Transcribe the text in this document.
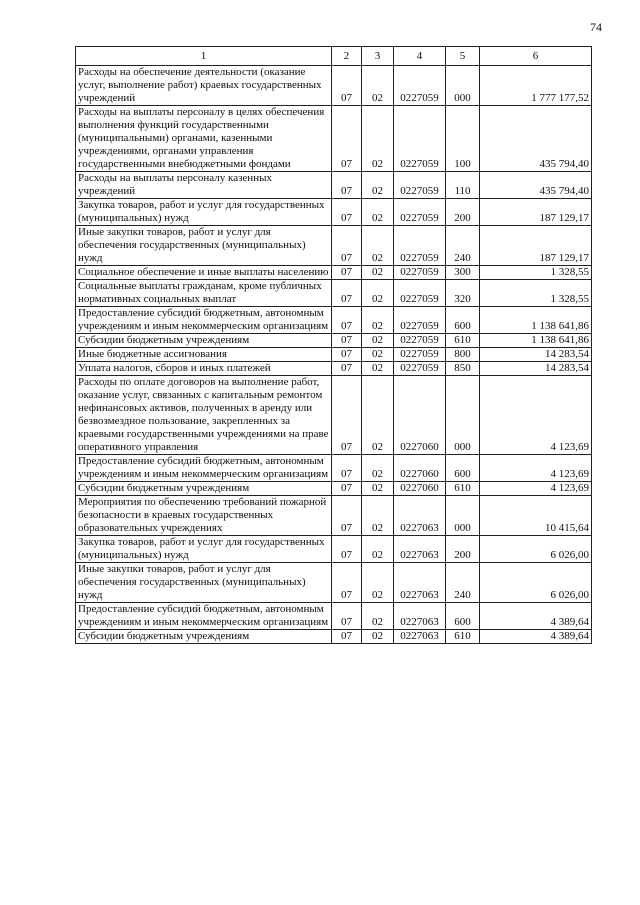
74
1	2	3	4	5	6
Расходы на обеспечение деятельности (оказание услуг, выполнение работ) краевых государственных учреждений	07	02	0227059	000	1 777 177,52
Расходы на выплаты персоналу в целях обеспечения выполнения функций государственными (муниципальными) органами, казенными учреждениями, органами управления государственными внебюджетными фондами	07	02	0227059	100	435 794,40
Расходы на выплаты персоналу казенных учреждений	07	02	0227059	110	435 794,40
Закупка товаров, работ и услуг для государственных (муниципальных) нужд	07	02	0227059	200	187 129,17
Иные закупки товаров, работ и услуг для обеспечения государственных (муниципальных) нужд	07	02	0227059	240	187 129,17
Социальное обеспечение и иные выплаты населению	07	02	0227059	300	1 328,55
Социальные выплаты гражданам, кроме публичных нормативных социальных выплат	07	02	0227059	320	1 328,55
Предоставление субсидий бюджетным, автономным учреждениям и иным некоммерческим организациям	07	02	0227059	600	1 138 641,86
Субсидии бюджетным учреждениям	07	02	0227059	610	1 138 641,86
Иные бюджетные ассигнования	07	02	0227059	800	14 283,54
Уплата налогов, сборов и иных платежей	07	02	0227059	850	14 283,54
Расходы по оплате договоров на выполнение работ, оказание услуг, связанных с капитальным ремонтом нефинансовых активов, полученных в аренду или безвозмездное пользование, закрепленных за краевыми государственными учреждениями на праве оперативного управления	07	02	0227060	000	4 123,69
Предоставление субсидий бюджетным, автономным учреждениям и иным некоммерческим организациям	07	02	0227060	600	4 123,69
Субсидии бюджетным учреждениям	07	02	0227060	610	4 123,69
Мероприятия по обеспечению требований пожарной безопасности в краевых государственных образовательных учреждениях	07	02	0227063	000	10 415,64
Закупка товаров, работ и услуг для государственных (муниципальных) нужд	07	02	0227063	200	6 026,00
Иные закупки товаров, работ и услуг для обеспечения государственных (муниципальных) нужд	07	02	0227063	240	6 026,00
Предоставление субсидий бюджетным, автономным учреждениям и иным некоммерческим организациям	07	02	0227063	600	4 389,64
Субсидии бюджетным учреждениям	07	02	0227063	610	4 389,64
